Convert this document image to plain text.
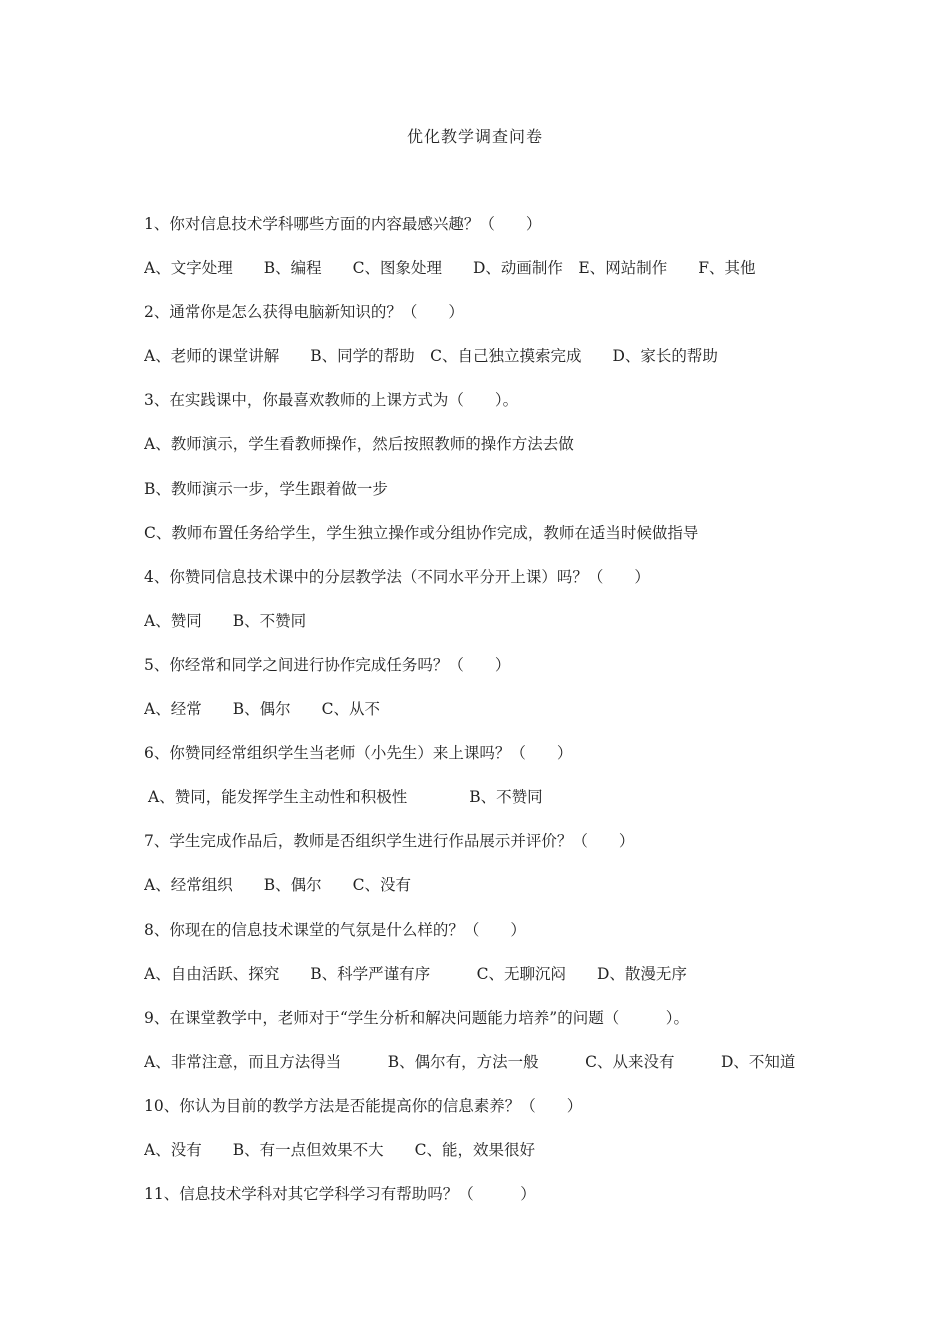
优化教学调查问卷
1、你对信息技术学科哪些方面的内容最感兴趣？（　　）
A、文字处理　　B、编程　　C、图象处理　　D、动画制作　E、网站制作　　F、其他
2、通常你是怎么获得电脑新知识的？（　　）
A、老师的课堂讲解　　B、同学的帮助　C、自己独立摸索完成　　D、家长的帮助
3、在实践课中，你最喜欢教师的上课方式为（　　）。
A、教师演示，学生看教师操作，然后按照教师的操作方法去做
B、教师演示一步，学生跟着做一步
C、教师布置任务给学生，学生独立操作或分组协作完成，教师在适当时候做指导
4、你赞同信息技术课中的分层教学法（不同水平分开上课）吗？（　　）
A、赞同　　B、不赞同
5、你经常和同学之间进行协作完成任务吗？（　　）
A、经常　　B、偶尔　　C、从不
6、你赞同经常组织学生当老师（小先生）来上课吗？（　　）
A、赞同，能发挥学生主动性和积极性　　　　B、不赞同
7、学生完成作品后，教师是否组织学生进行作品展示并评价？（　　）
A、经常组织　　B、偶尔　　C、没有
8、你现在的信息技术课堂的气氛是什么样的？（　　）
A、自由活跃、探究　　B、科学严谨有序　　　C、无聊沉闷　　D、散漫无序
9、在课堂教学中，老师对于“学生分析和解决问题能力培养”的问题（　　　）。
A、非常注意，而且方法得当　　　B、偶尔有，方法一般　　　C、从来没有　　　D、不知道
10、你认为目前的教学方法是否能提高你的信息素养？（　　）
A、没有　　B、有一点但效果不大　　C、能，效果很好
11、信息技术学科对其它学科学习有帮助吗？（　　　）
